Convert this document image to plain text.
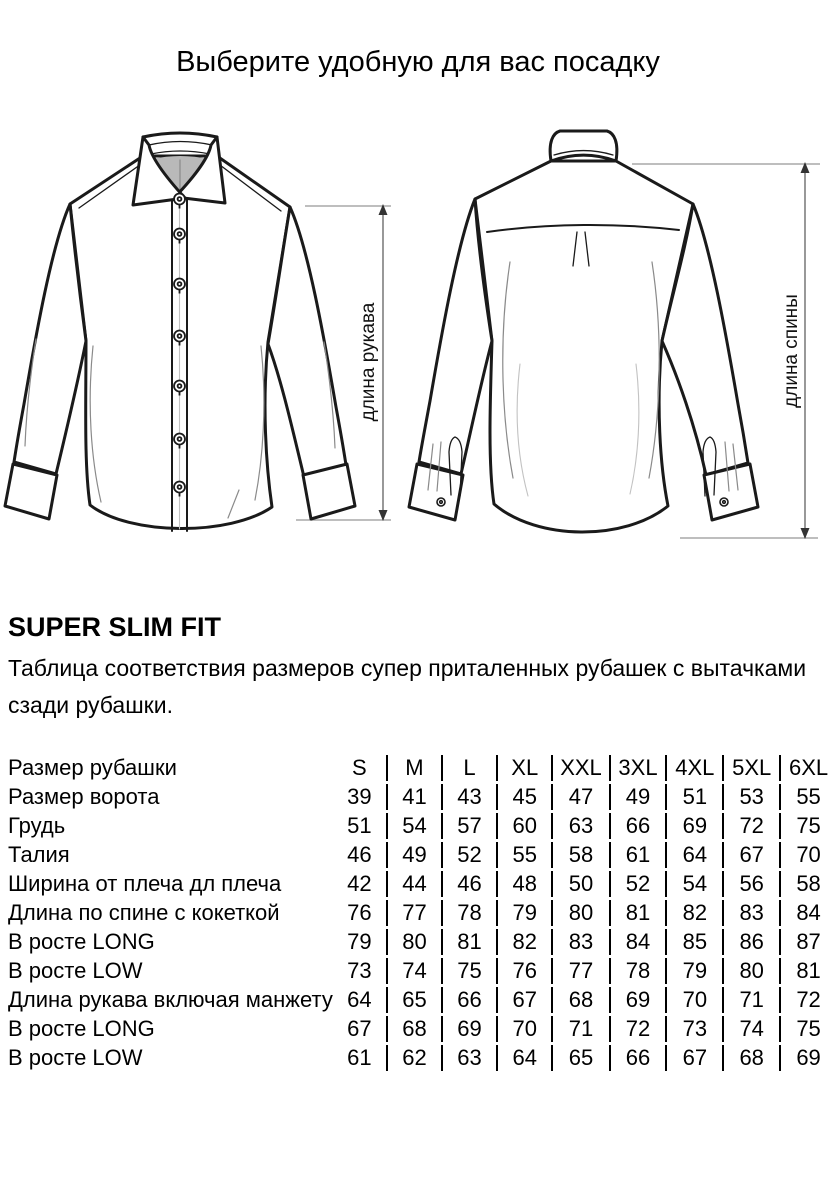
Выберите удобную для вас посадку
длина рукава	длина спины
SUPER SLIM FIT

Таблица соответствия размеров супер приталенных рубашек с вытачками сзади рубашки.

Размер рубашки	S	M	L	XL	XXL	3XL	4XL	5XL	6XL
Размер ворота	39	41	43	45	47	49	51	53	55
Грудь	51	54	57	60	63	66	69	72	75
Талия	46	49	52	55	58	61	64	67	70
Ширина от плеча дл плеча	42	44	46	48	50	52	54	56	58
Длина по спине с кокеткой	76	77	78	79	80	81	82	83	84
В росте LONG	79	80	81	82	83	84	85	86	87
В росте LOW	73	74	75	76	77	78	79	80	81
Длина рукава включая манжету	64	65	66	67	68	69	70	71	72
В росте LONG	67	68	69	70	71	72	73	74	75
В росте LOW	61	62	63	64	65	66	67	68	69
